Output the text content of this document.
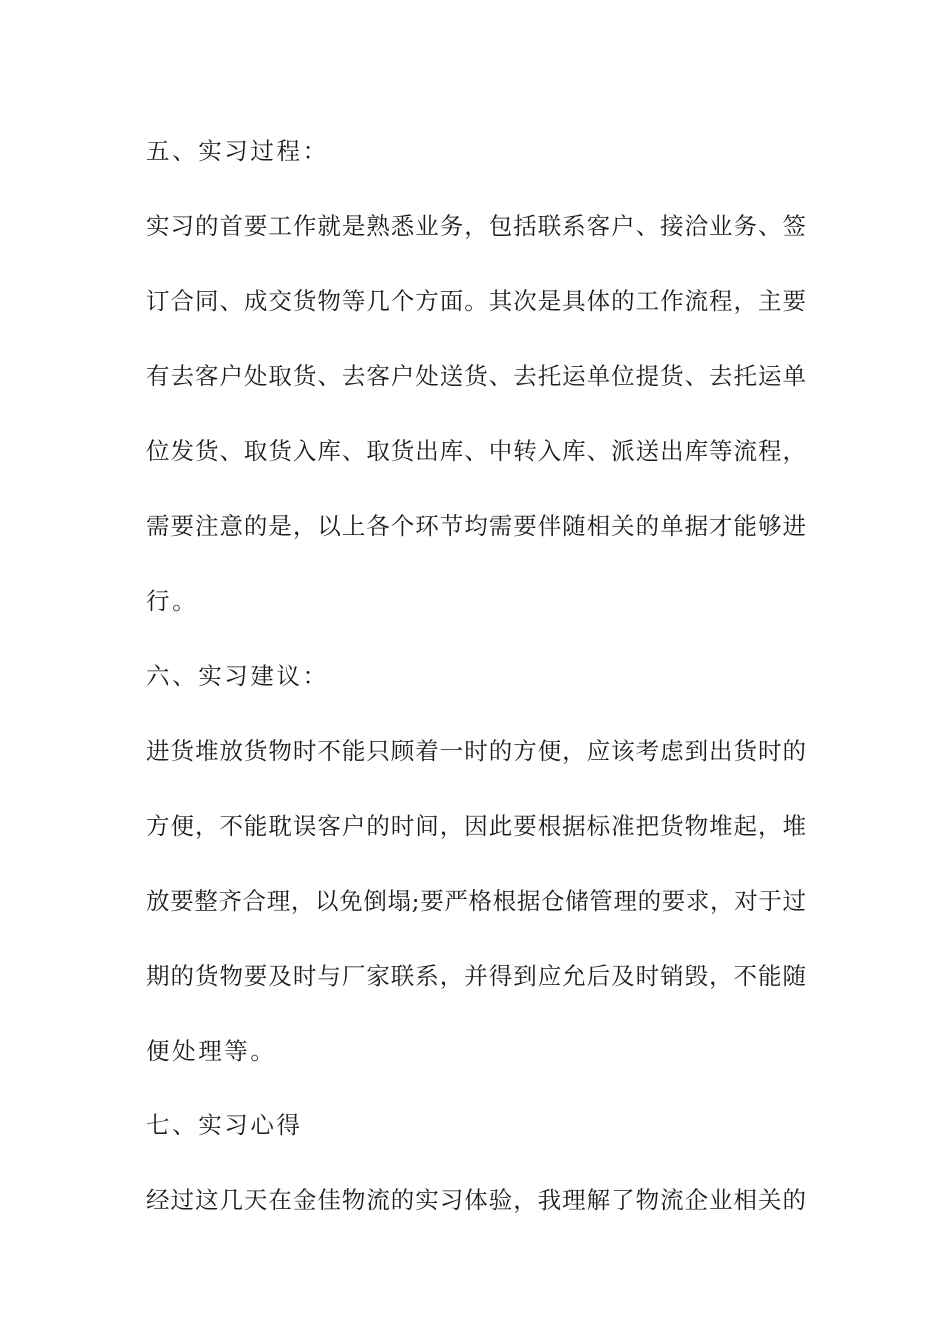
五、实习过程：
实习的首要工作就是熟悉业务，包括联系客户、接洽业务、签
订合同、成交货物等几个方面。其次是具体的工作流程，主要
有去客户处取货、去客户处送货、去托运单位提货、去托运单
位发货、取货入库、取货出库、中转入库、派送出库等流程，
需要注意的是，以上各个环节均需要伴随相关的单据才能够进
行。
六、实习建议：
进货堆放货物时不能只顾着一时的方便，应该考虑到出货时的
方便，不能耽误客户的时间，因此要根据标准把货物堆起，堆
放要整齐合理，以免倒塌;要严格根据仓储管理的要求，对于过
期的货物要及时与厂家联系，并得到应允后及时销毁，不能随
便处理等。
七、实习心得
经过这几天在金佳物流的实习体验，我理解了物流企业相关的
